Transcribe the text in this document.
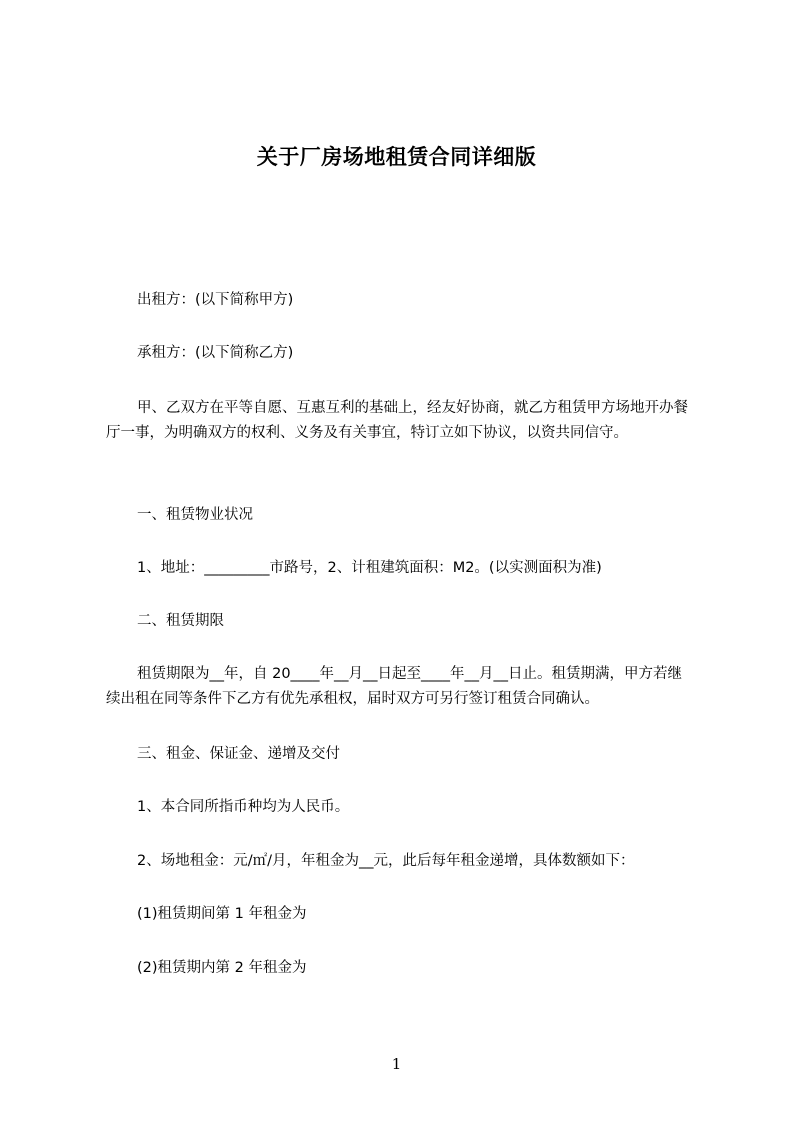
关于厂房场地租赁合同详细版

出租方：(以下简称甲方)

承租方：(以下简称乙方)

甲、乙双方在平等自愿、互惠互利的基础上，经友好协商，就乙方租赁甲方场地开办餐厅一事，为明确双方的权利、义务及有关事宜，特订立如下协议，以资共同信守。

一、租赁物业状况

1、地址：_________市路号，2、计租建筑面积：M2。(以实测面积为准)

二、租赁期限

租赁期限为__年，自 20____年__月__日起至____年__月__日止。租赁期满，甲方若继续出租在同等条件下乙方有优先承租权，届时双方可另行签订租赁合同确认。

三、租金、保证金、递增及交付

1、本合同所指币种均为人民币。

2、场地租金：元/㎡/月，年租金为__元，此后每年租金递增，具体数额如下：

(1)租赁期间第 1 年租金为

(2)租赁期内第 2 年租金为

1
